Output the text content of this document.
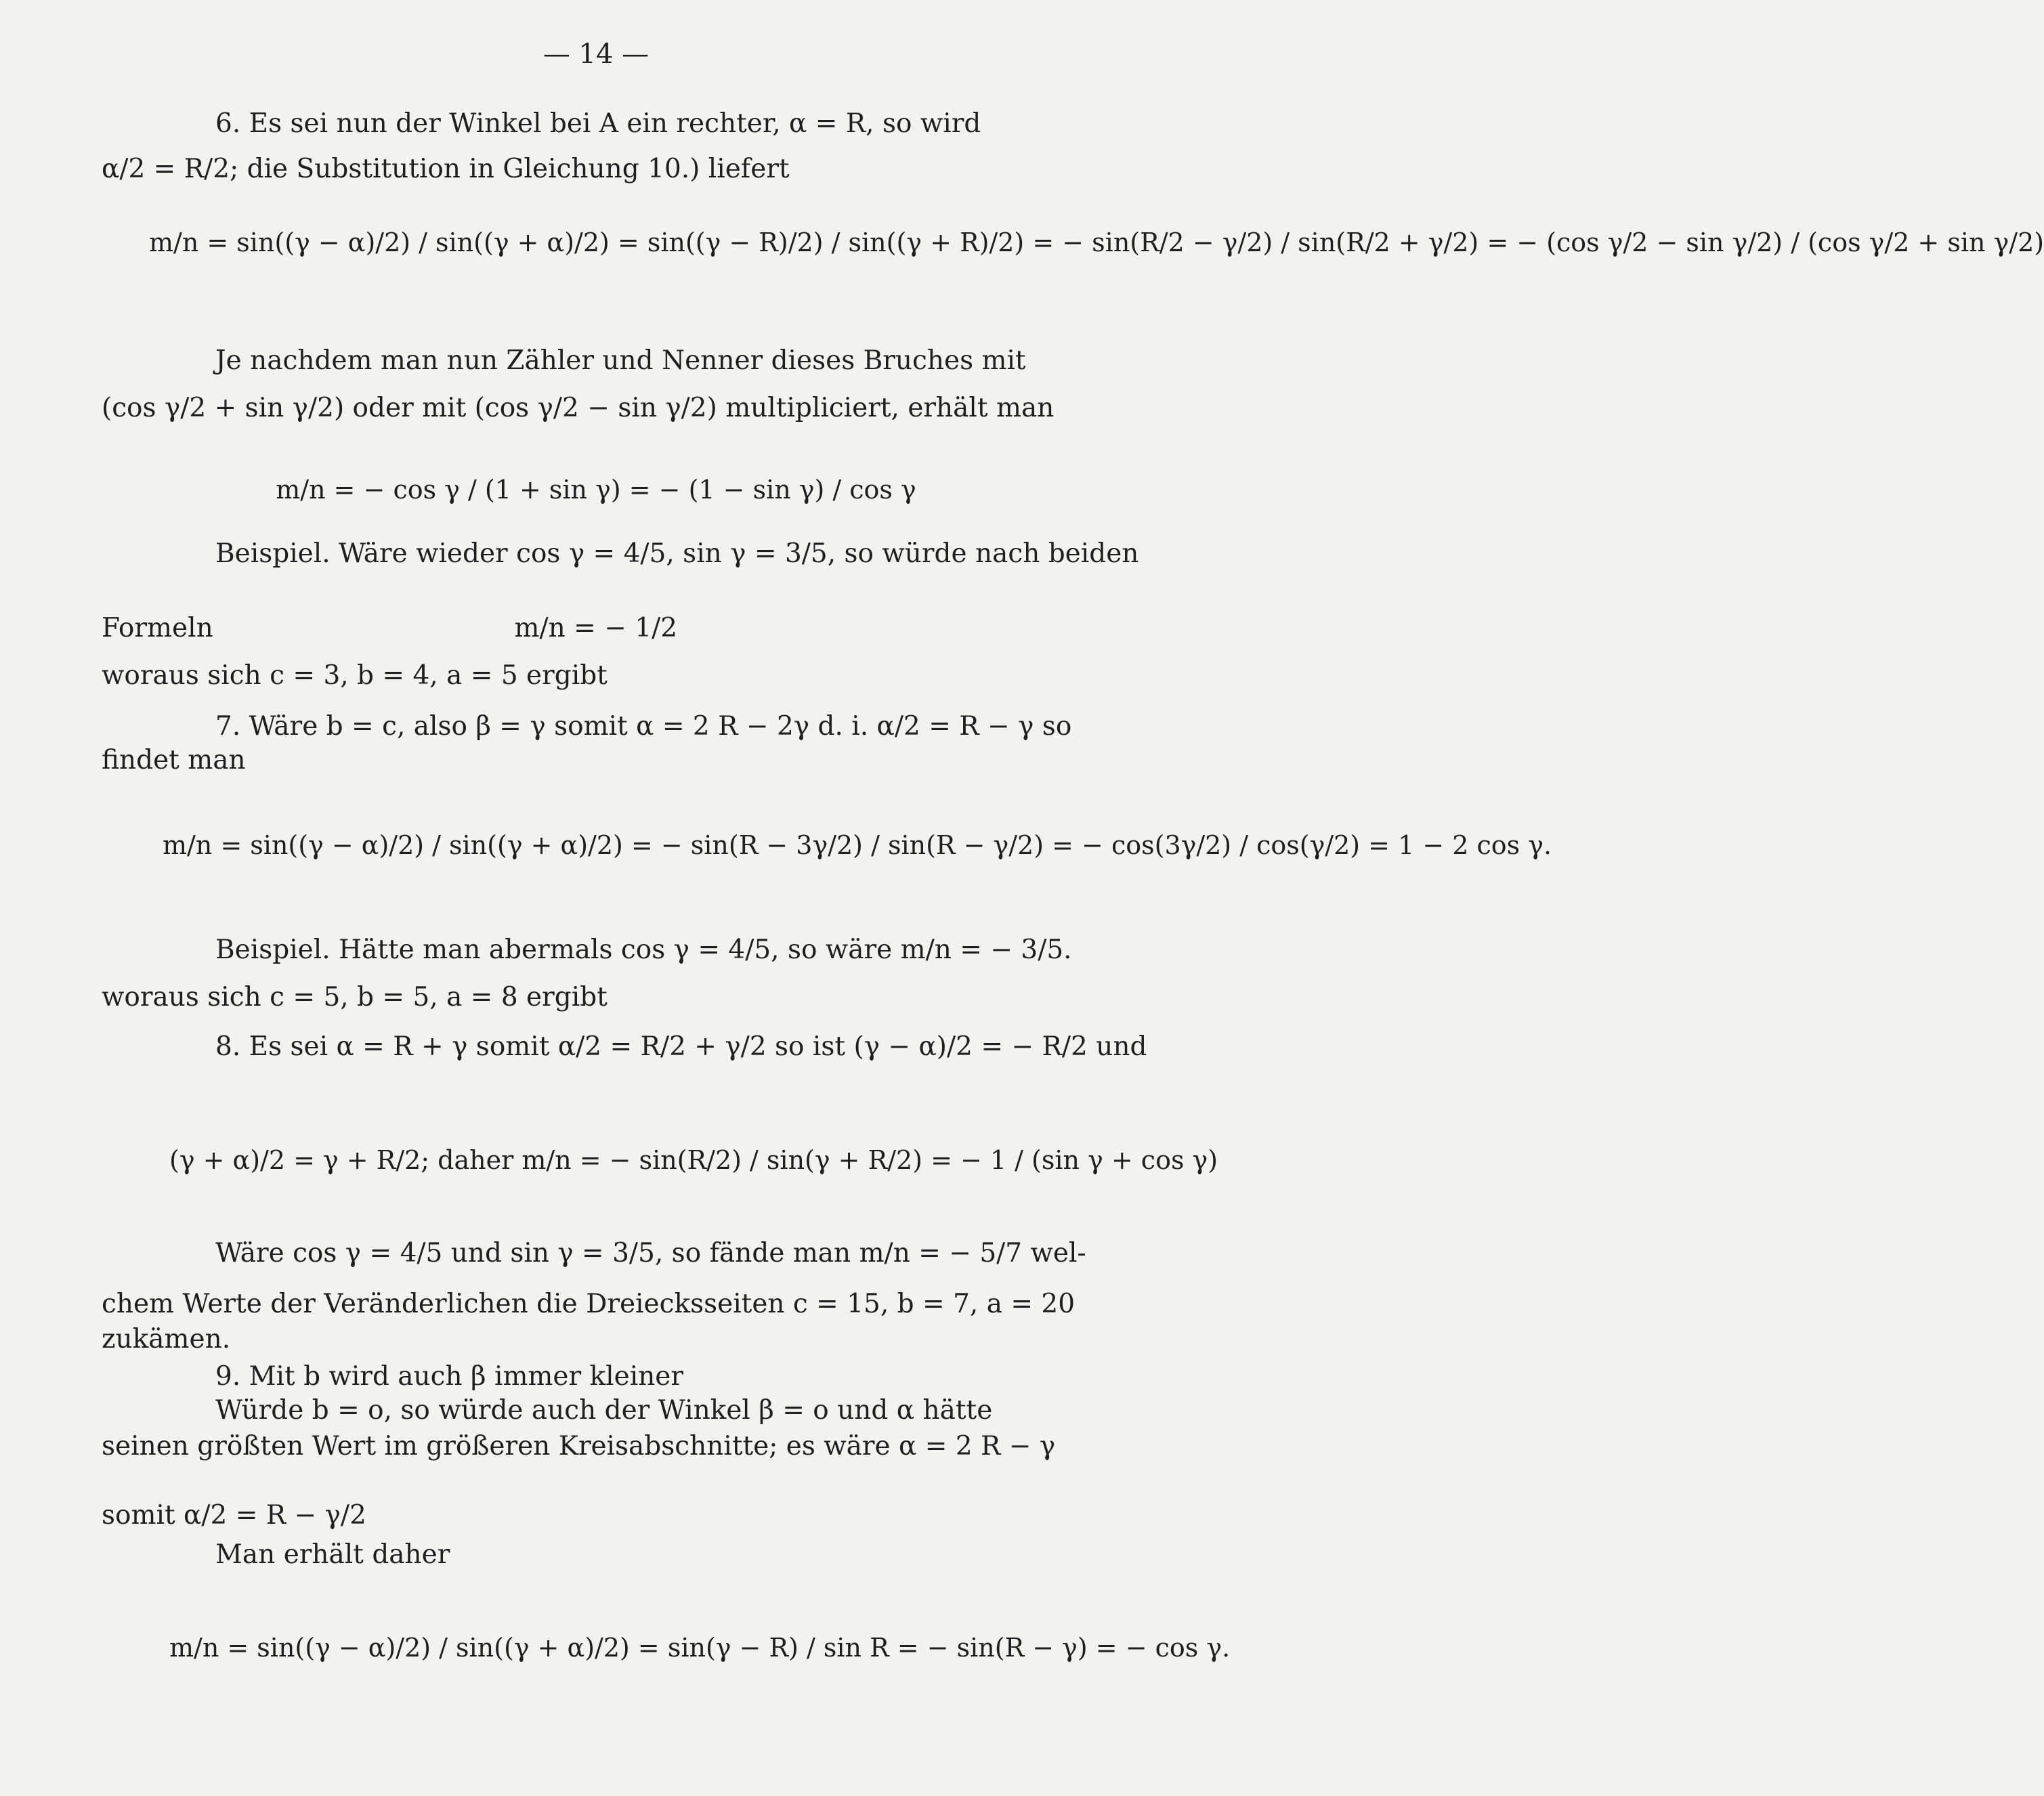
— 14 —
6. Es sei nun der Winkel bei A ein rechter, α = R, so wird
α/2 = R/2; die Substitution in Gleichung 10.) liefert
m/n = sin((γ − α)/2) / sin((γ + α)/2) = sin((γ − R)/2) / sin((γ + R)/2) = − sin(R/2 − γ/2) / sin(R/2 + γ/2) = − (cos γ/2 − sin γ/2) / (cos γ/2 + sin γ/2)
Je nachdem man nun Zähler und Nenner dieses Bruches mit
(cos γ/2 + sin γ/2) oder mit (cos γ/2 − sin γ/2) multipliciert, erhält man
m/n = − cos γ / (1 + sin γ) = − (1 − sin γ) / cos γ
Beispiel. Wäre wieder cos γ = 4/5, sin γ = 3/5, so würde nach beiden
Formeln	m/n = − 1/2
woraus sich c = 3, b = 4, a = 5 ergibt
7. Wäre b = c, also β = γ somit α = 2 R − 2γ d. i. α/2 = R − γ so
findet man
m/n = sin((γ − α)/2) / sin((γ + α)/2) = − sin(R − 3γ/2) / sin(R − γ/2) = − cos(3γ/2) / cos(γ/2) = 1 − 2 cos γ.
Beispiel. Hätte man abermals cos γ = 4/5, so wäre m/n = − 3/5.
woraus sich c = 5, b = 5, a = 8 ergibt
8. Es sei α = R + γ somit α/2 = R/2 + γ/2 so ist (γ − α)/2 = − R/2 und
(γ + α)/2 = γ + R/2; daher m/n = − sin(R/2) / sin(γ + R/2) = − 1 / (sin γ + cos γ)
Wäre cos γ = 4/5 und sin γ = 3/5, so fände man m/n = − 5/7 wel-
chem Werte der Veränderlichen die Dreiecksseiten c = 15, b = 7, a = 20
zukämen.
9. Mit b wird auch β immer kleiner
Würde b = o, so würde auch der Winkel β = o und α hätte
seinen größten Wert im größeren Kreisabschnitte; es wäre α = 2 R − γ
somit α/2 = R − γ/2
Man erhält daher
m/n = sin((γ − α)/2) / sin((γ + α)/2) = sin(γ − R) / sin R = − sin(R − γ) = − cos γ.
